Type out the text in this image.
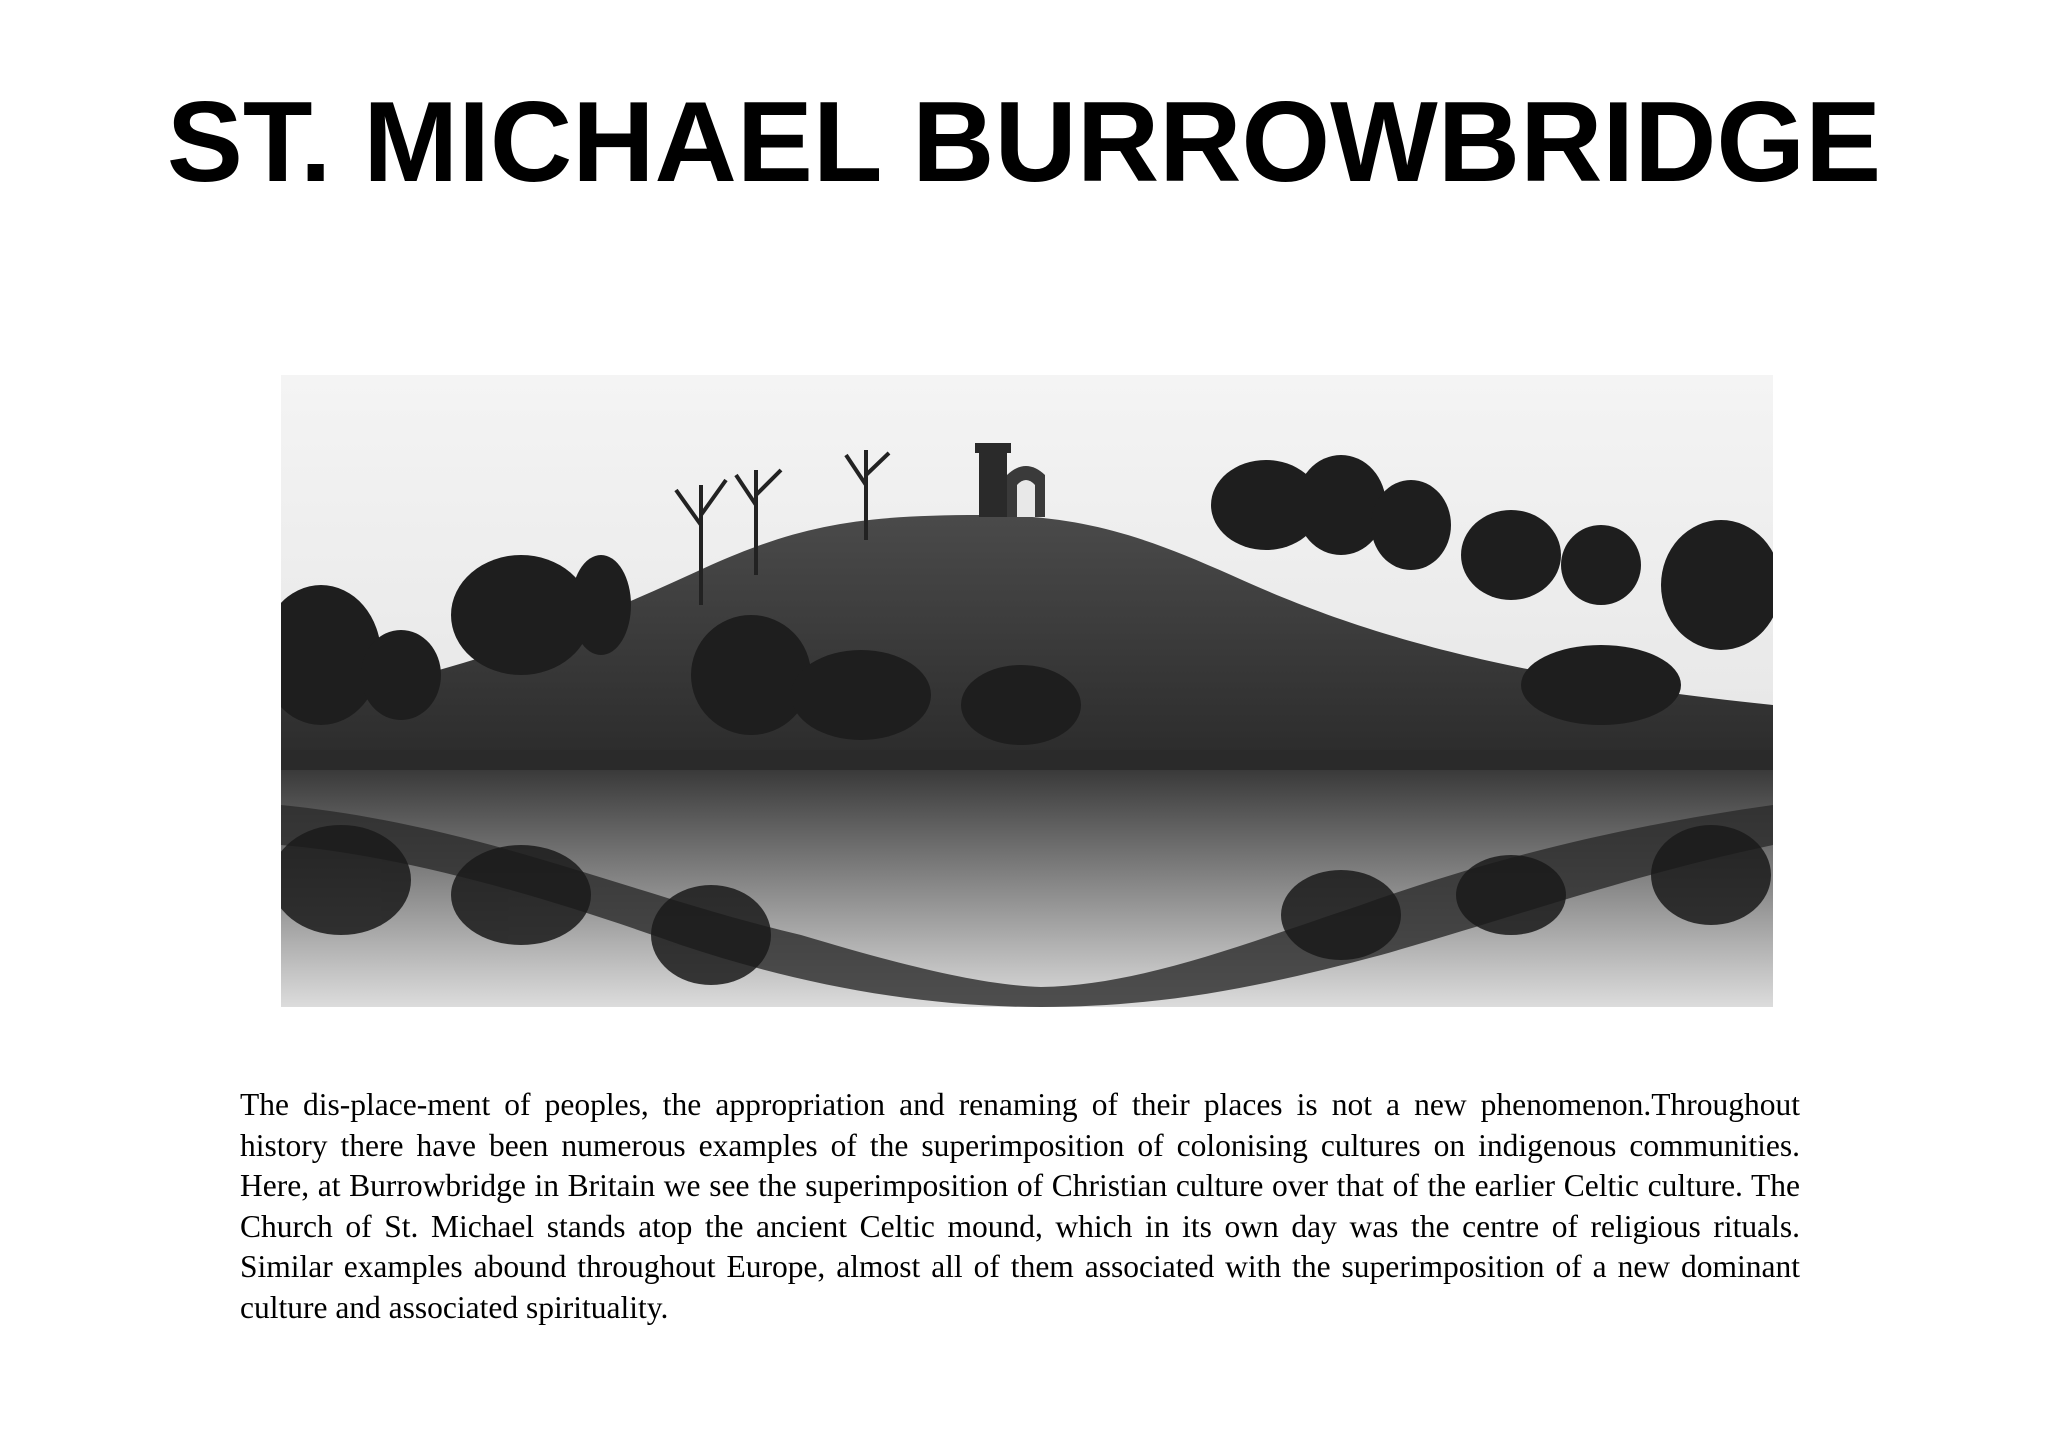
ST. MICHAEL BURROWBRIDGE

The dis-place-ment of peoples, the appropriation and renaming of their places is not a new phenomenon.Throughout history there have been numerous examples of the superimposition of colonising cultures on indigenous communities. Here, at Burrowbridge in Britain we see the superimposition of Christian culture over that of the earlier Celtic culture. The Church of St. Michael stands atop the ancient Celtic mound, which in its own day was the centre of religious rituals. Similar examples abound throughout Europe, almost all of them associated with the superimposition of a new dominant culture and associated spirituality.
